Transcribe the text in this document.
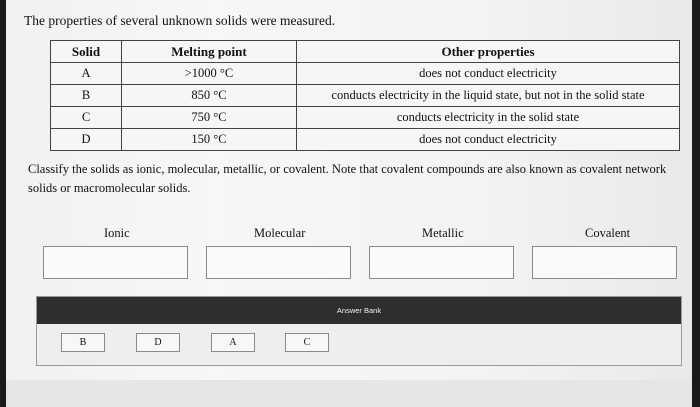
The properties of several unknown solids were measured.
Solid	Melting point	Other properties
A	>1000 °C	does not conduct electricity
B	850 °C	conducts electricity in the liquid state, but not in the solid state
C	750 °C	conducts electricity in the solid state
D	150 °C	does not conduct electricity
Classify the solids as ionic, molecular, metallic, or covalent. Note that covalent compounds are also known as covalent network solids or macromolecular solids.
Ionic	Molecular	Metallic	Covalent
Answer Bank
B	D	A	C
